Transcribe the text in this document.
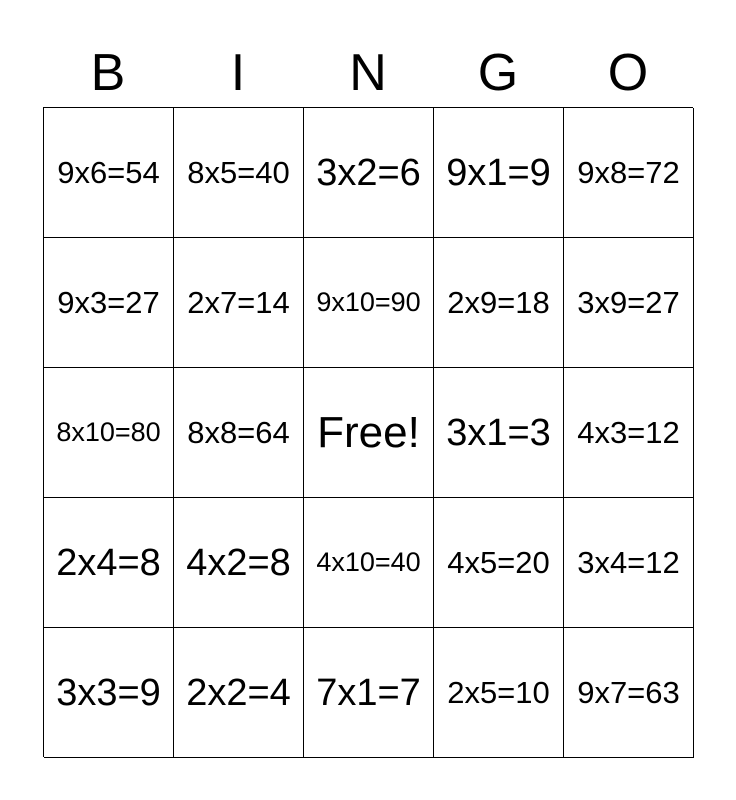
B	I	N	G	O
9x6=54 8x5=40 3x2=6 9x1=9 9x8=72
9x3=27 2x7=14 9x10=90 2x9=18 3x9=27
8x10=80 8x8=64 Free! 3x1=3 4x3=12
2x4=8 4x2=8 4x10=40 4x5=20 3x4=12
3x3=9 2x2=4 7x1=7 2x5=10 9x7=63
